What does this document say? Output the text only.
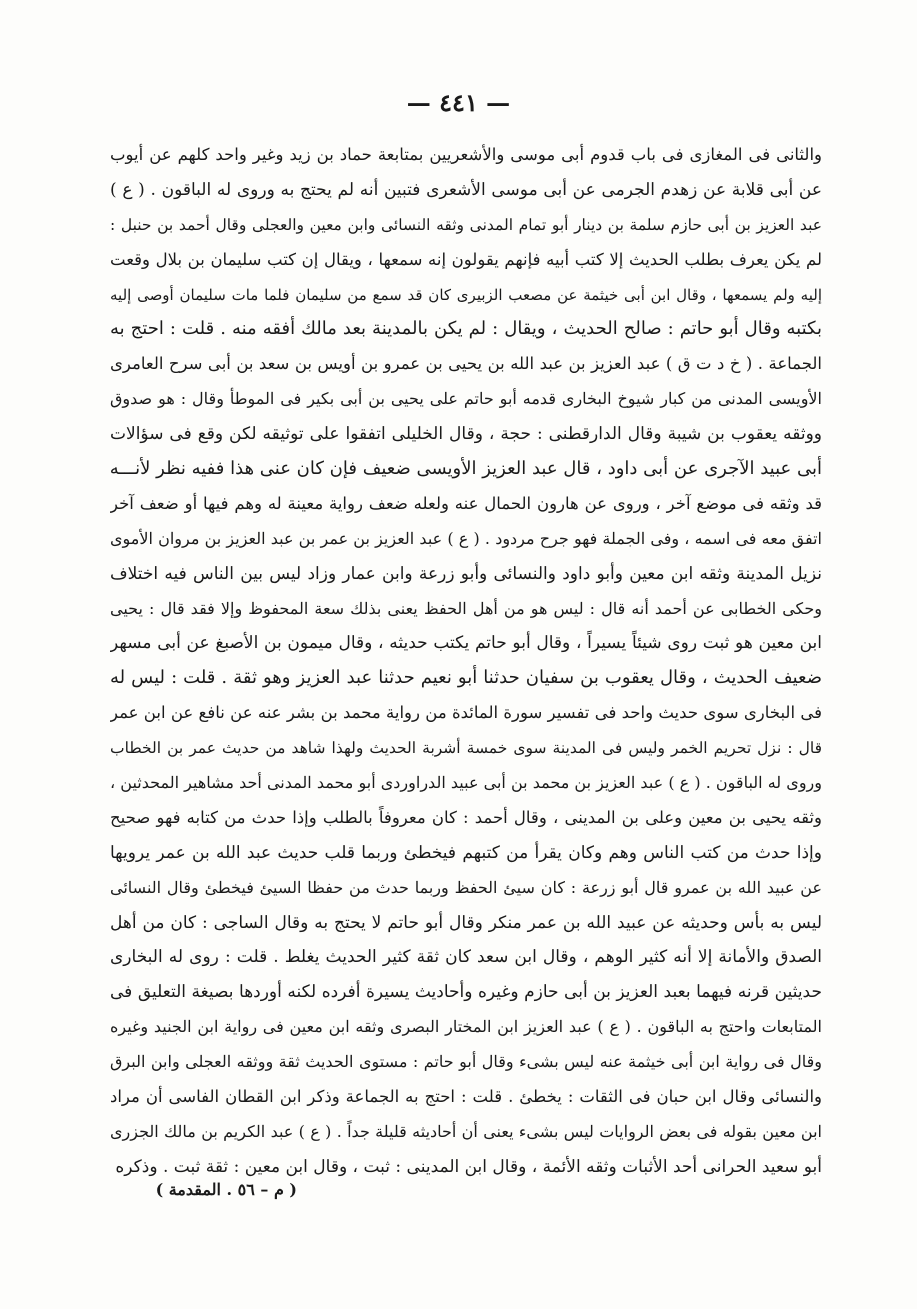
— ٤٤١ —
والثانى فى المغازى فى باب قدوم أبى موسى والأشعريين بمتابعة حماد بن زيد وغير واحد كلهم عن أيوب
عن أبى قلابة عن زهدم الجرمى عن أبى موسى الأشعرى فتبين أنه لم يحتج به وروى له الباقون . ( ع )
عبد العزيز بن أبى حازم سلمة بن دينار أبو تمام المدنى وثقه النسائى وابن معين والعجلى وقال أحمد بن حنبل :
لم يكن يعرف بطلب الحديث إلا كتب أبيه فإنهم يقولون إنه سمعها ، ويقال إن كتب سليمان بن بلال وقعت
إليه ولم يسمعها ، وقال ابن أبى خيثمة عن مصعب الزبيرى كان قد سمع من سليمان فلما مات سليمان أوصى إليه
بكتبه وقال أبو حاتم : صالح الحديث ، ويقال : لم يكن بالمدينة بعد مالك أفقه منه . قلت : احتج به
الجماعة . ( خ د ت ق ) عبد العزيز بن عبد الله بن يحيى بن عمرو بن أويس بن سعد بن أبى سرح العامرى
الأويسى المدنى من كبار شيوخ البخارى قدمه أبو حاتم على يحيى بن أبى بكير فى الموطأ وقال : هو صدوق
ووثقه يعقوب بن شيبة وقال الدارقطنى : حجة ، وقال الخليلى اتفقوا على توثيقه لكن وقع فى سؤالات
أبى عبيد الآجرى عن أبى داود ، قال عبد العزيز الأويسى ضعيف فإن كان عنى هذا ففيه نظر لأنـــه
قد وثقه فى موضع آخر ، وروى عن هارون الحمال عنه ولعله ضعف رواية معينة له وهم فيها أو ضعف آخر
اتفق معه فى اسمه ، وفى الجملة فهو جرح مردود . ( ع ) عبد العزيز بن عمر بن عبد العزيز بن مروان الأموى
نزيل المدينة وثقه ابن معين وأبو داود والنسائى وأبو زرعة وابن عمار وزاد ليس بين الناس فيه اختلاف
وحكى الخطابى عن أحمد أنه قال : ليس هو من أهل الحفظ يعنى بذلك سعة المحفوظ وإلا فقد قال : يحيى
ابن معين هو ثبت روى شيئاً يسيراً ، وقال أبو حاتم يكتب حديثه ، وقال ميمون بن الأصبغ عن أبى مسهر
ضعيف الحديث ، وقال يعقوب بن سفيان حدثنا أبو نعيم حدثنا عبد العزيز وهو ثقة . قلت : ليس له
فى البخارى سوى حديث واحد فى تفسير سورة المائدة من رواية محمد بن بشر عنه عن نافع عن ابن عمر
قال : نزل تحريم الخمر وليس فى المدينة سوى خمسة أشربة الحديث ولهذا شاهد من حديث عمر بن الخطاب
وروى له الباقون . ( ع ) عبد العزيز بن محمد بن أبى عبيد الدراوردى أبو محمد المدنى أحد مشاهير المحدثين ،
وثقه يحيى بن معين وعلى بن المدينى ، وقال أحمد : كان معروفاً بالطلب وإذا حدث من كتابه فهو صحيح
وإذا حدث من كتب الناس وهم وكان يقرأ من كتبهم فيخطئ وربما قلب حديث عبد الله بن عمر يرويها
عن عبيد الله بن عمرو قال أبو زرعة : كان سيئ الحفظ وربما حدث من حفظا السيئ فيخطئ وقال النسائى
ليس به بأس وحديثه عن عبيد الله بن عمر منكر وقال أبو حاتم لا يحتج به وقال الساجى : كان من أهل
الصدق والأمانة إلا أنه كثير الوهم ، وقال ابن سعد كان ثقة كثير الحديث يغلط . قلت : روى له البخارى
حديثين قرنه فيهما بعبد العزيز بن أبى حازم وغيره وأحاديث يسيرة أفرده لكنه أوردها بصيغة التعليق فى
المتابعات واحتج به الباقون . ( ع ) عبد العزيز ابن المختار البصرى وثقه ابن معين فى رواية ابن الجنيد وغيره
وقال فى رواية ابن أبى خيثمة عنه ليس بشىء وقال أبو حاتم : مستوى الحديث ثقة ووثقه العجلى وابن البرق
والنسائى وقال ابن حبان فى الثقات : يخطئ . قلت : احتج به الجماعة وذكر ابن القطان الفاسى أن مراد
ابن معين بقوله فى بعض الروايات ليس بشىء يعنى أن أحاديثه قليلة جداً . ( ع ) عبد الكريم بن مالك الجزرى
أبو سعيد الحرانى أحد الأثبات وثقه الأئمة ، وقال ابن المدينى : ثبت ، وقال ابن معين : ثقة ثبت . وذكره
( م – ٥٦ . المقدمة )
